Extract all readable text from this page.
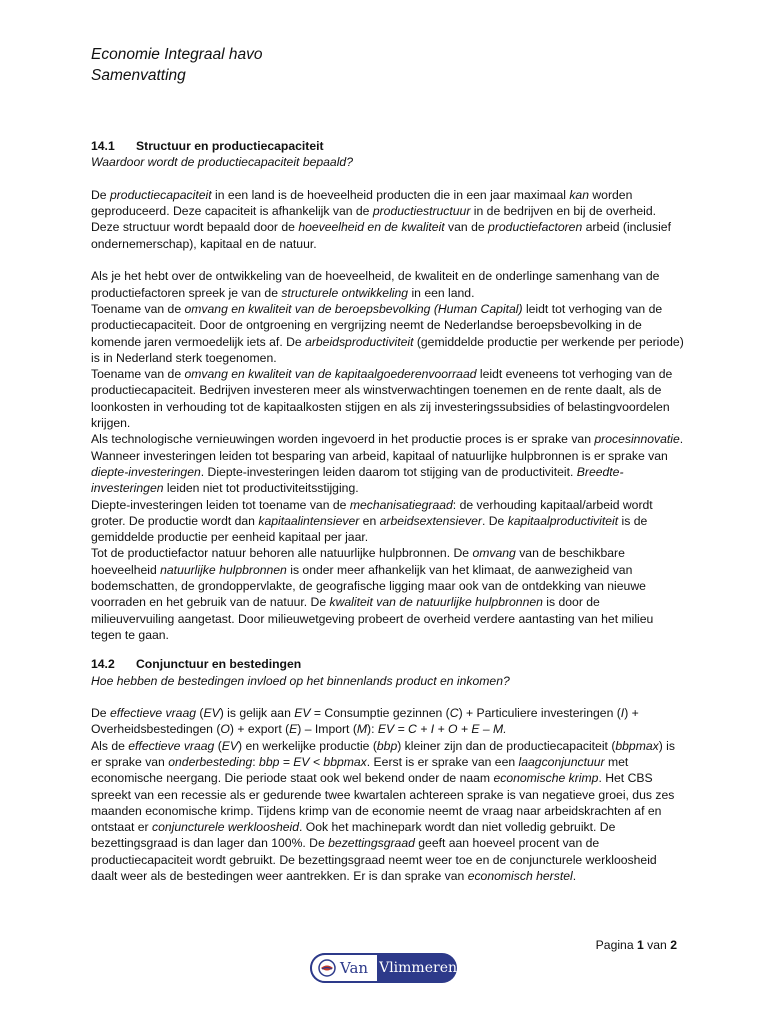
Economie Integraal havo
Samenvatting
14.1	Structuur en productiecapaciteit
Waardoor wordt de productiecapaciteit bepaald?

De productiecapaciteit in een land is de hoeveelheid producten die in een jaar maximaal kan worden geproduceerd. Deze capaciteit is afhankelijk van de productiestructuur in de bedrijven en bij de overheid. Deze structuur wordt bepaald door de hoeveelheid en de kwaliteit van de productiefactoren arbeid (inclusief ondernemerschap), kapitaal en de natuur.

Als je het hebt over de ontwikkeling van de hoeveelheid, de kwaliteit en de onderlinge samenhang van de productiefactoren spreek je van de structurele ontwikkeling in een land.

Toename van de omvang en kwaliteit van de beroepsbevolking (Human Capital) leidt tot verhoging van de productiecapaciteit. Door de ontgroening en vergrijzing neemt de Nederlandse beroepsbevolking in de komende jaren vermoedelijk iets af. De arbeidsproductiviteit (gemiddelde productie per werkende per periode) is in Nederland sterk toegenomen.

Toename van de omvang en kwaliteit van de kapitaalgoederenvoorraad leidt eveneens tot verhoging van de productiecapaciteit. Bedrijven investeren meer als winstverwachtingen toenemen en de rente daalt, als de loonkosten in verhouding tot de kapitaalkosten stijgen en als zij investeringssubsidies of belastingvoordelen krijgen.

Als technologische vernieuwingen worden ingevoerd in het productie proces is er sprake van procesinnovatie. Wanneer investeringen leiden tot besparing van arbeid, kapitaal of natuurlijke hulpbronnen is er sprake van diepte-investeringen. Diepte-investeringen leiden daarom tot stijging van de productiviteit. Breedte-investeringen leiden niet tot productiviteitsstijging.

Diepte-investeringen leiden tot toename van de mechanisatiegraad: de verhouding kapitaal/arbeid wordt groter. De productie wordt dan kapitaalintensiever en arbeidsextensiever. De kapitaalproductiviteit is de gemiddelde productie per eenheid kapitaal per jaar.

Tot de productiefactor natuur behoren alle natuurlijke hulpbronnen. De omvang van de beschikbare hoeveelheid natuurlijke hulpbronnen is onder meer afhankelijk van het klimaat, de aanwezigheid van bodemschatten, de grondoppervlakte, de geografische ligging maar ook van de ontdekking van nieuwe voorraden en het gebruik van de natuur. De kwaliteit van de natuurlijke hulpbronnen is door de milieuvervuiling aangetast. Door milieuwetgeving probeert de overheid verdere aantasting van het milieu tegen te gaan.

14.2	Conjunctuur en bestedingen
Hoe hebben de bestedingen invloed op het binnenlands product en inkomen?

De effectieve vraag (EV) is gelijk aan EV = Consumptie gezinnen (C) + Particuliere investeringen (I) + Overheidsbestedingen (O) + export (E) – Import (M): EV = C + I + O + E – M.

Als de effectieve vraag (EV) en werkelijke productie (bbp) kleiner zijn dan de productiecapaciteit (bbpmax) is er sprake van onderbesteding: bbp = EV < bbpmax. Eerst is er sprake van een laagconjunctuur met economische neergang. Die periode staat ook wel bekend onder de naam economische krimp. Het CBS spreekt van een recessie als er gedurende twee kwartalen achtereen sprake is van negatieve groei, dus zes maanden economische krimp. Tijdens krimp van de economie neemt de vraag naar arbeidskrachten af en ontstaat er conjuncturele werkloosheid. Ook het machinepark wordt dan niet volledig gebruikt. De bezettingsgraad is dan lager dan 100%. De bezettingsgraad geeft aan hoeveel procent van de productiecapaciteit wordt gebruikt. De bezettingsgraad neemt weer toe en de conjuncturele werkloosheid daalt weer als de bestedingen weer aantrekken. Er is dan sprake van economisch herstel.

Pagina 1 van 2
Van Vlimmeren
